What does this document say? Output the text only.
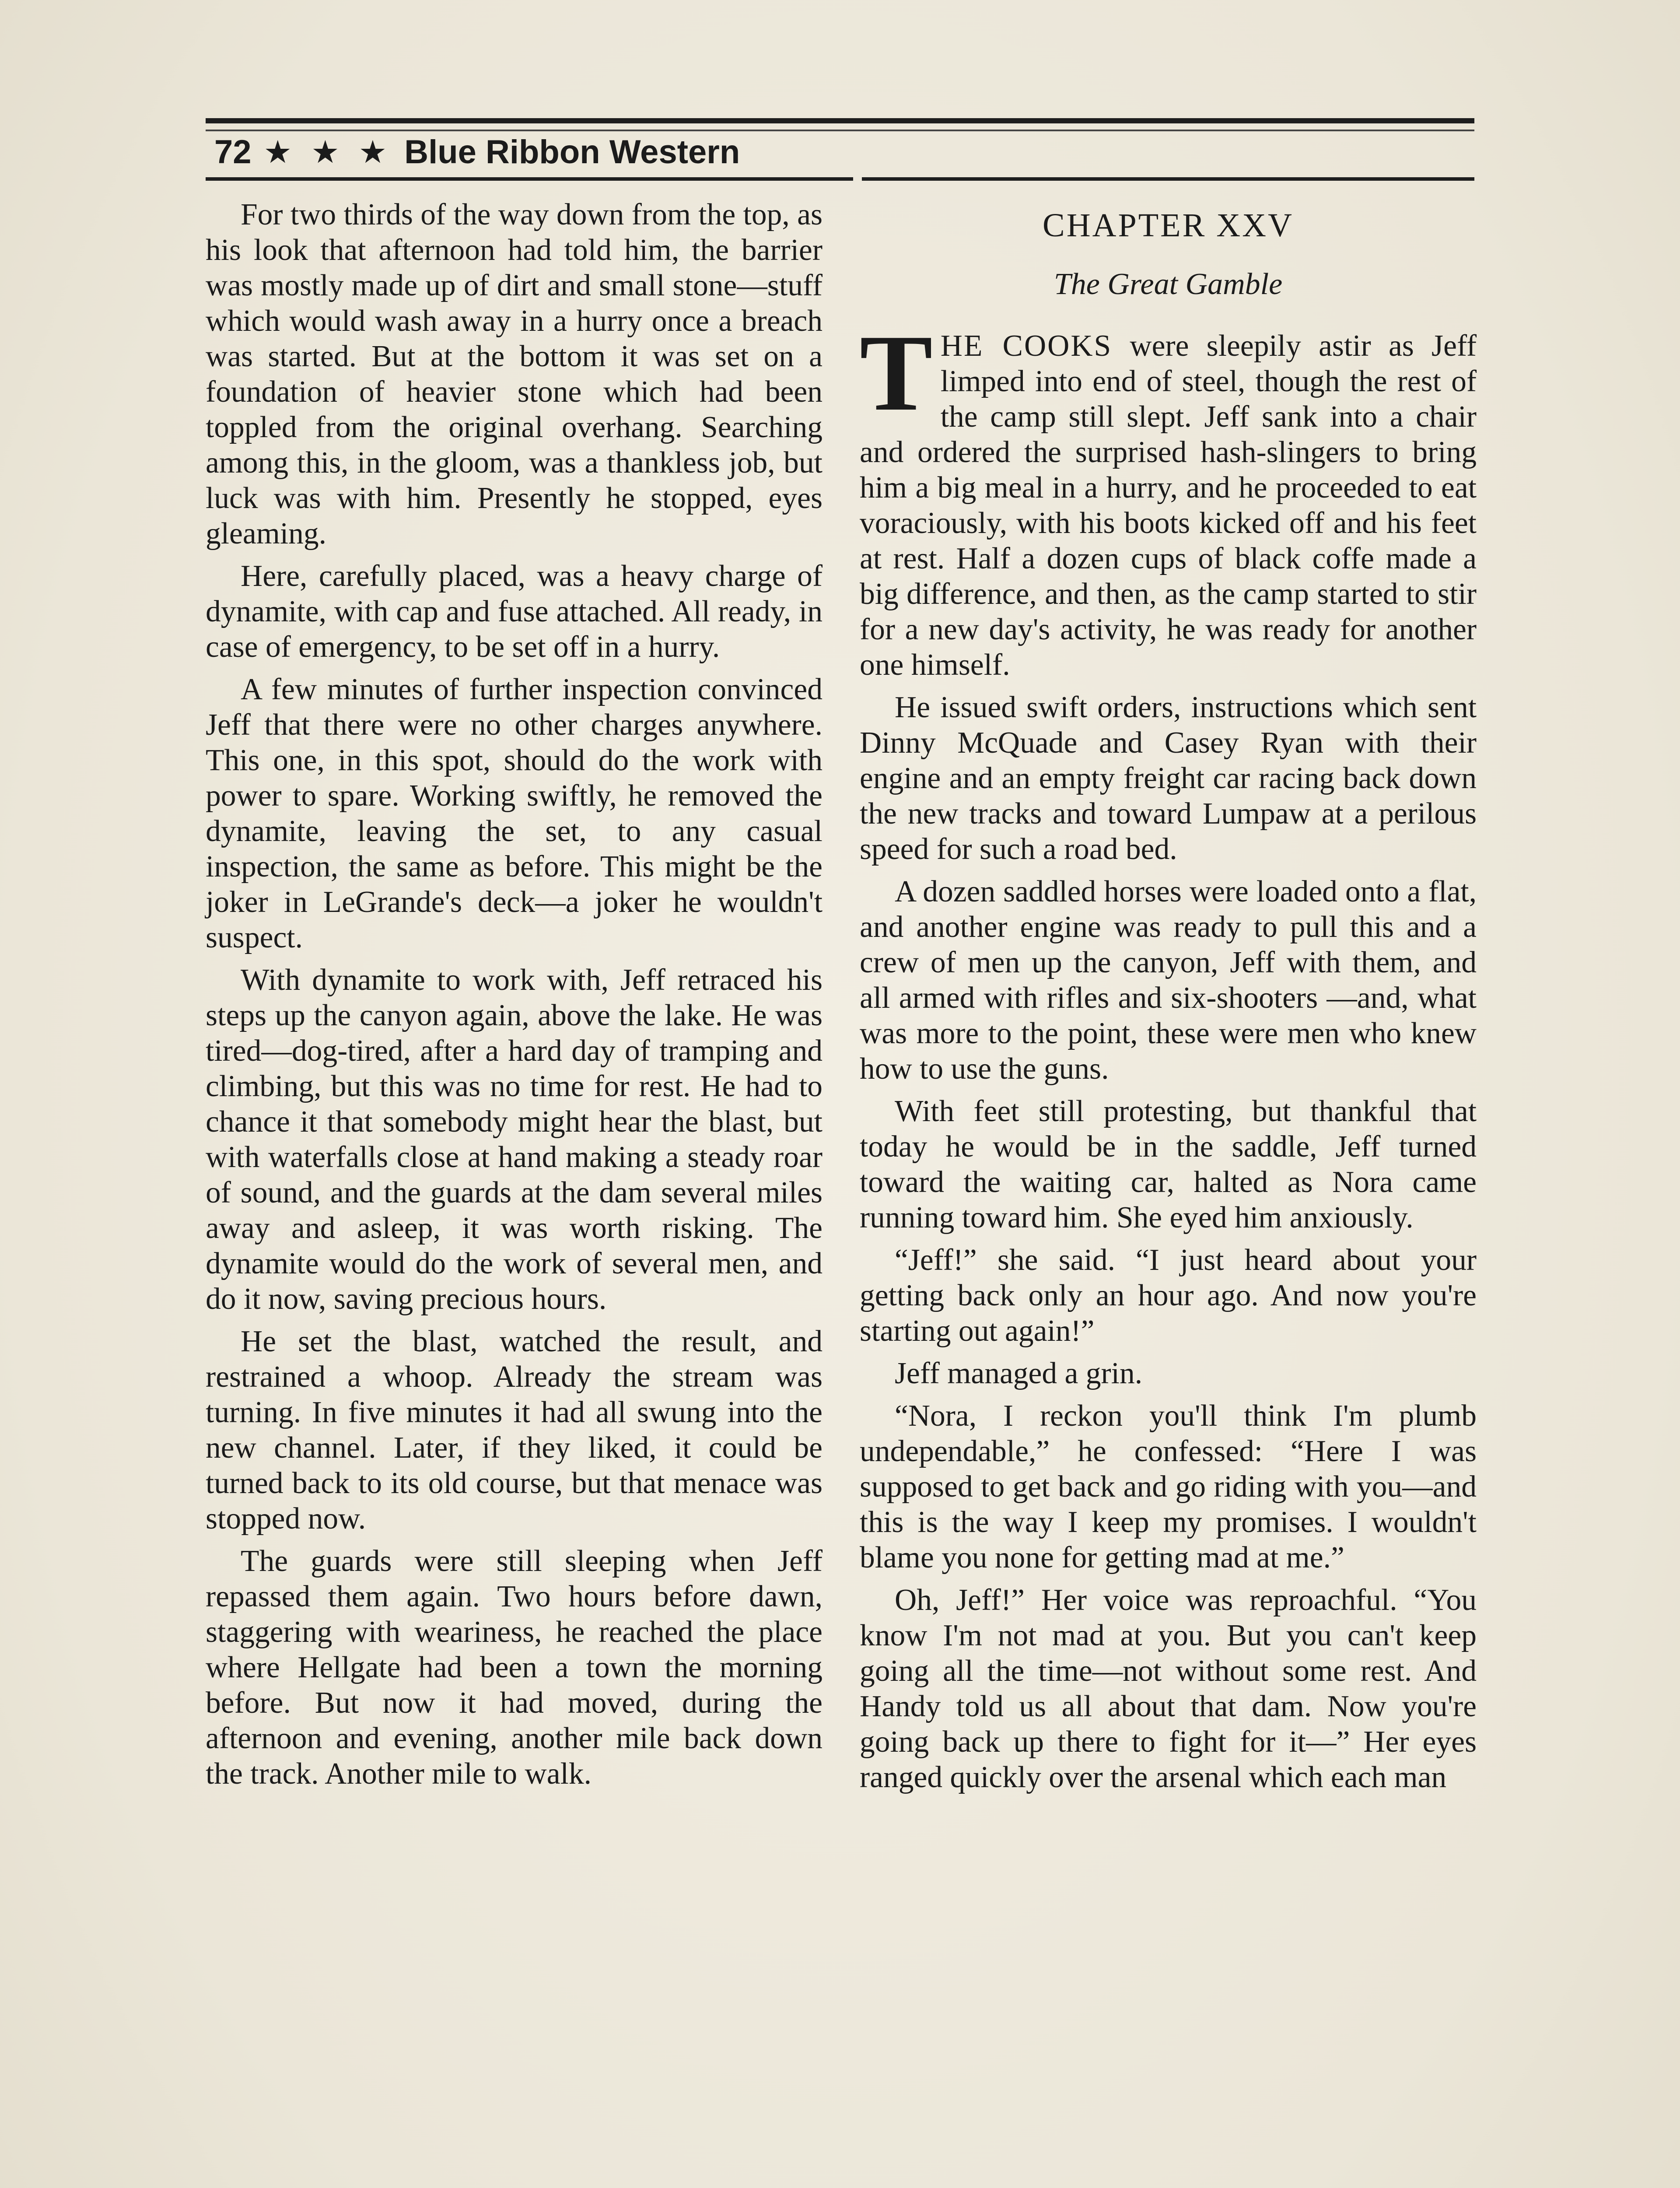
72 ★ ★ ★ Blue Ribbon Western

For two thirds of the way down from the top, as his look that afternoon had told him, the barrier was mostly made up of dirt and small stone—stuff which would wash away in a hurry once a breach was started. But at the bottom it was set on a foundation of heavier stone which had been toppled from the original overhang. Searching among this, in the gloom, was a thankless job, but luck was with him. Presently he stopped, eyes gleaming.

Here, carefully placed, was a heavy charge of dynamite, with cap and fuse attached. All ready, in case of emergency, to be set off in a hurry.

A few minutes of further inspection convinced Jeff that there were no other charges anywhere. This one, in this spot, should do the work with power to spare. Working swiftly, he removed the dynamite, leaving the set, to any casual inspection, the same as before. This might be the joker in LeGrande's deck—a joker he wouldn't suspect.

With dynamite to work with, Jeff retraced his steps up the canyon again, above the lake. He was tired—dog-tired, after a hard day of tramping and climbing, but this was no time for rest. He had to chance it that somebody might hear the blast, but with waterfalls close at hand making a steady roar of sound, and the guards at the dam several miles away and asleep, it was worth risking. The dynamite would do the work of several men, and do it now, saving precious hours.

He set the blast, watched the result, and restrained a whoop. Already the stream was turning. In five minutes it had all swung into the new channel. Later, if they liked, it could be turned back to its old course, but that menace was stopped now.

The guards were still sleeping when Jeff repassed them again. Two hours before dawn, staggering with weariness, he reached the place where Hellgate had been a town the morning before. But now it had moved, during the afternoon and evening, another mile back down the track. Another mile to walk.

CHAPTER XXV
The Great Gamble

THE COOKS were sleepily astir as Jeff limped into end of steel, though the rest of the camp still slept. Jeff sank into a chair and ordered the surprised hash-slingers to bring him a big meal in a hurry, and he proceeded to eat voraciously, with his boots kicked off and his feet at rest. Half a dozen cups of black coffe made a big difference, and then, as the camp started to stir for a new day's activity, he was ready for another one himself.

He issued swift orders, instructions which sent Dinny McQuade and Casey Ryan with their engine and an empty freight car racing back down the new tracks and toward Lumpaw at a perilous speed for such a road bed.

A dozen saddled horses were loaded onto a flat, and another engine was ready to pull this and a crew of men up the canyon, Jeff with them, and all armed with rifles and six-shooters —and, what was more to the point, these were men who knew how to use the guns.

With feet still protesting, but thankful that today he would be in the saddle, Jeff turned toward the waiting car, halted as Nora came running toward him. She eyed him anxiously.

“Jeff!” she said. “I just heard about your getting back only an hour ago. And now you're starting out again!”

Jeff managed a grin.

“Nora, I reckon you'll think I'm plumb undependable,” he confessed: “Here I was supposed to get back and go riding with you—and this is the way I keep my promises. I wouldn't blame you none for getting mad at me.”

Oh, Jeff!” Her voice was reproachful. “You know I'm not mad at you. But you can't keep going all the time—not without some rest. And Handy told us all about that dam. Now you're going back up there to fight for it—” Her eyes ranged quickly over the arsenal which each man
